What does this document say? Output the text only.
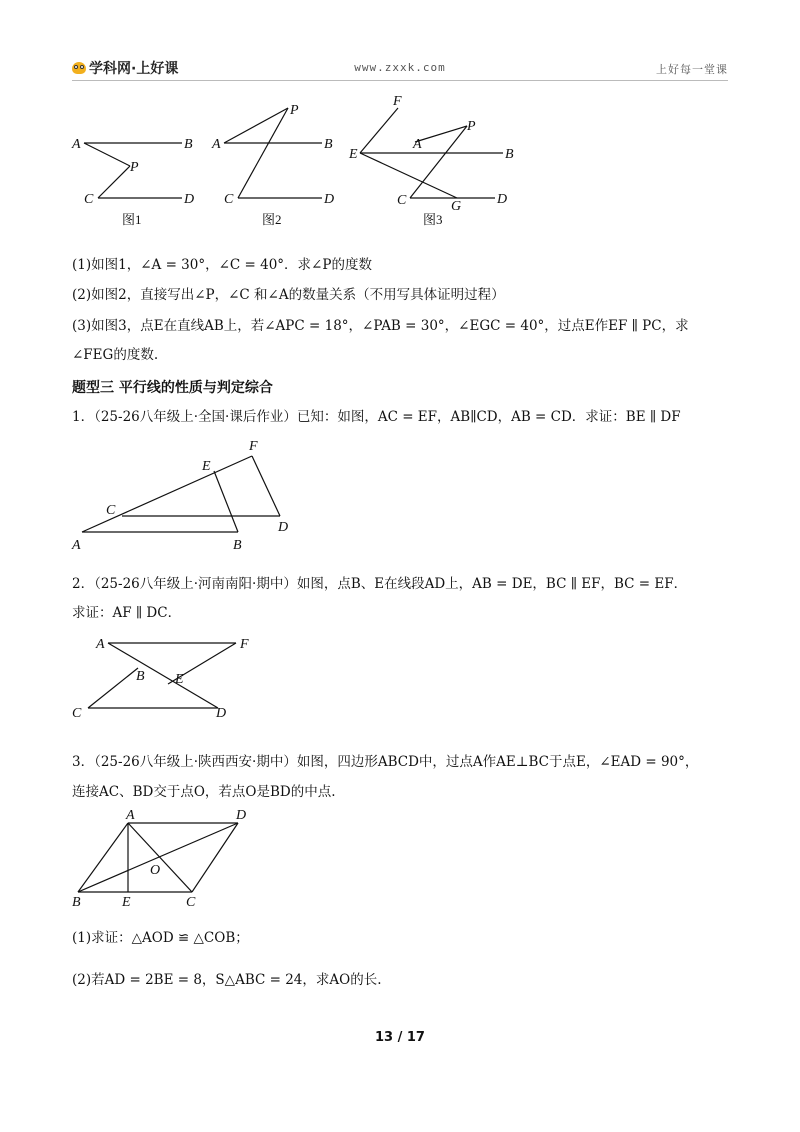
学科网·上好课	www.zxxk.com	上好每一堂课
A	B
P
C	D
图1
A	B
P
C	D
图2
F
A
P
E	B
C	G	D
图3
(1)如图1，∠A = 30°，∠C = 40°．求∠P的度数
(2)如图2，直接写出∠P，∠C 和∠A的数量关系（不用写具体证明过程）
(3)如图3，点E在直线AB上，若∠APC = 18°，∠PAB = 30°，∠EGC = 40°，过点E作EF ∥ PC，求
∠FEG的度数.
题型三 平行线的性质与判定综合
1．（25-26八年级上·全国·课后作业）已知：如图，AC = EF，AB∥CD，AB = CD．求证：BE ∥ DF
F
E
C
D
A	B
2．（25-26八年级上·河南南阳·期中）如图，点B、E在线段AD上，AB = DE，BC ∥ EF，BC = EF．
求证：AF ∥ DC．
A	F
B E
C	D
3．（25-26八年级上·陕西西安·期中）如图，四边形ABCD中，过点A作AE⊥BC于点E，∠EAD = 90°，
连接AC、BD交于点O，若点O是BD的中点.
A	D
O
B	E	C
(1)求证：△AOD ≌ △COB；
(2)若AD = 2BE = 8，S△ABC = 24，求AO的长.
13 / 17
